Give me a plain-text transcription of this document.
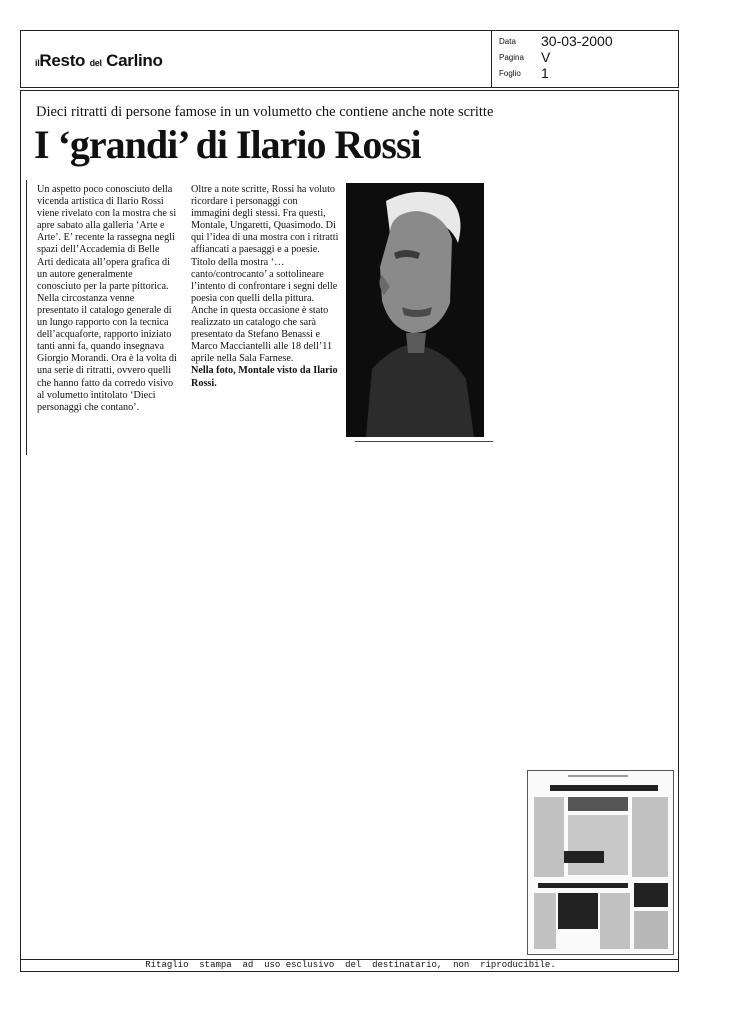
ilResto del Carlino
Data 30-03-2000
Pagina V
Foglio 1
Dieci ritratti di persone famose in un volumetto che contiene anche note scritte
I ‘grandi’ di Ilario Rossi
Un aspetto poco conosciuto della vicenda artistica di Ilario Rossi viene rivelato con la mostra che si apre sabato alla galleria ‘Arte e Arte’. E’ recente la rassegna negli spazi dell’Accademia di Belle Arti dedicata all’opera grafica di un autore generalmente conosciuto per la parte pittorica. Nella circostanza venne presentato il catalogo generale di un lungo rapporto con la tecnica dell’acquaforte, rapporto iniziato tanti anni fa, quando insegnava Giorgio Morandi. Ora è la volta di una serie di ritratti, ovvero quelli che hanno fatto da corredo visivo al volumetto intitolato ‘Dieci personaggi che contano’.
Oltre a note scritte, Rossi ha voluto ricordare i personaggi con immagini degli stessi. Fra questi, Montale, Ungaretti, Quasimodo. Di qui l’idea di una mostra con i ritratti affiancati a paesaggi e a poesie. Titolo della mostra ‘…canto/controcanto’ a sottolineare l’intento di confrontare i segni delle poesia con quelli della pittura.
Anche in questa occasione è stato realizzato un catalogo che sarà presentato da Stefano Benassi e Marco Macciantelli alle 18 dell’11 aprile nella Sala Farnese.
Nella foto, Montale visto da Ilario Rossi.
Ritaglio  stampa  ad  uso esclusivo  del  destinatario,  non  riproducibile.
